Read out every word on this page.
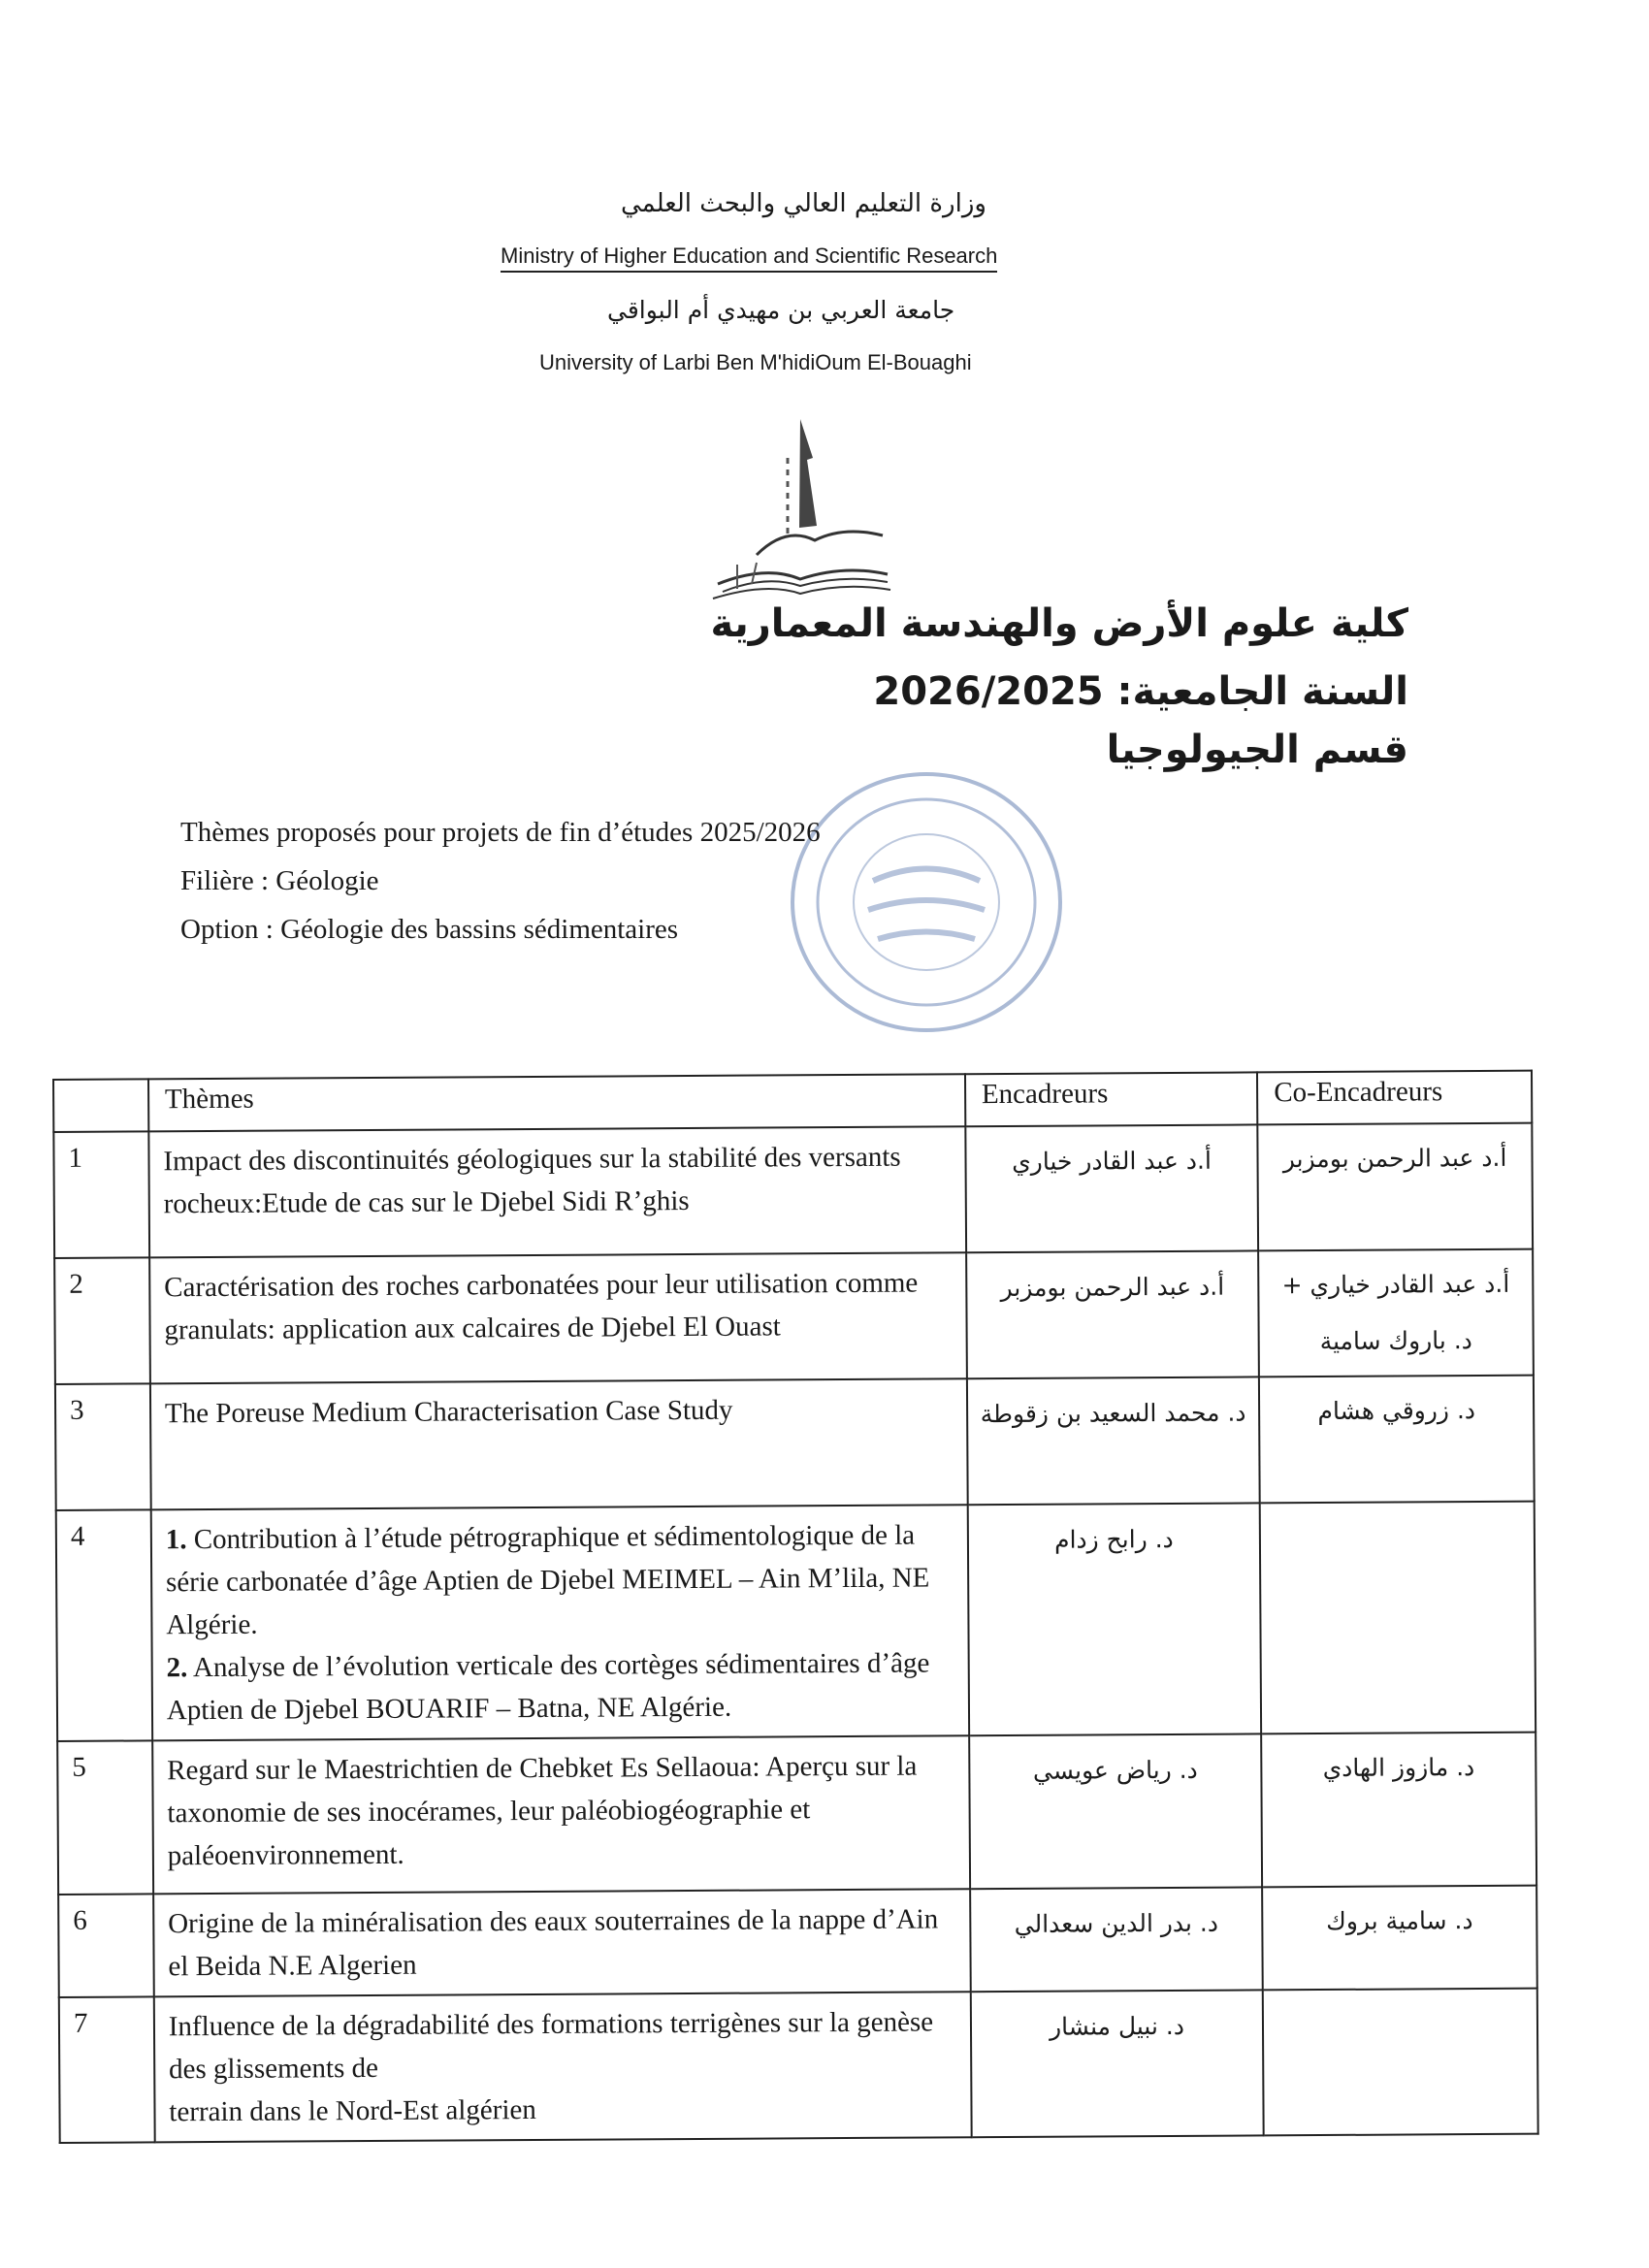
وزارة التعليم العالي والبحث العلمي
Ministry of Higher Education and Scientific Research
جامعة العربي بن مهيدي أم البواقي
University of Larbi Ben M'hidiOum El-Bouaghi
كلية علوم الأرض والهندسة المعمارية
السنة الجامعية: 2026/2025
قسم الجيولوجيا
Thèmes proposés pour projets de fin d’études 2025/2026
Filière : Géologie
Option : Géologie des bassins sédimentaires
	Thèmes	Encadreurs	Co-Encadreurs
1	Impact des discontinuités géologiques sur la stabilité des versants rocheux:Etude de cas sur le Djebel Sidi R’ghis	أ.د عبد القادر خياري	أ.د عبد الرحمن بومزبر
2	Caractérisation des roches carbonatées pour leur utilisation comme granulats: application aux calcaires de Djebel El Ouast	أ.د عبد الرحمن بومزبر	أ.د عبد القادر خياري + د. باروك سامية
3	The Poreuse Medium Characterisation Case Study	د. محمد السعيد بن زقوطة	د. زروقي هشام
4	1. Contribution à l’étude pétrographique et sédimentologique de la série carbonatée d’âge Aptien de Djebel MEIMEL – Ain M’lila, NE Algérie.
2. Analyse de l’évolution verticale des cortèges sédimentaires d’âge Aptien de Djebel BOUARIF – Batna, NE Algérie.	د. رابح زدام	
5	Regard sur le Maestrichtien de Chebket Es Sellaoua: Aperçu sur la taxonomie de ses inocérames, leur paléobiogéographie et paléoenvironnement.	د. رياض عويسي	د. مازوز الهادي
6	Origine de la minéralisation des eaux souterraines de la nappe d’Ain el Beida N.E Algerien	د. بدر الدين سعدالي	د. سامية بروك
7	Influence de la dégradabilité des formations terrigènes sur la genèse des glissements de
terrain dans le Nord-Est algérien	د. نبيل منشار	
